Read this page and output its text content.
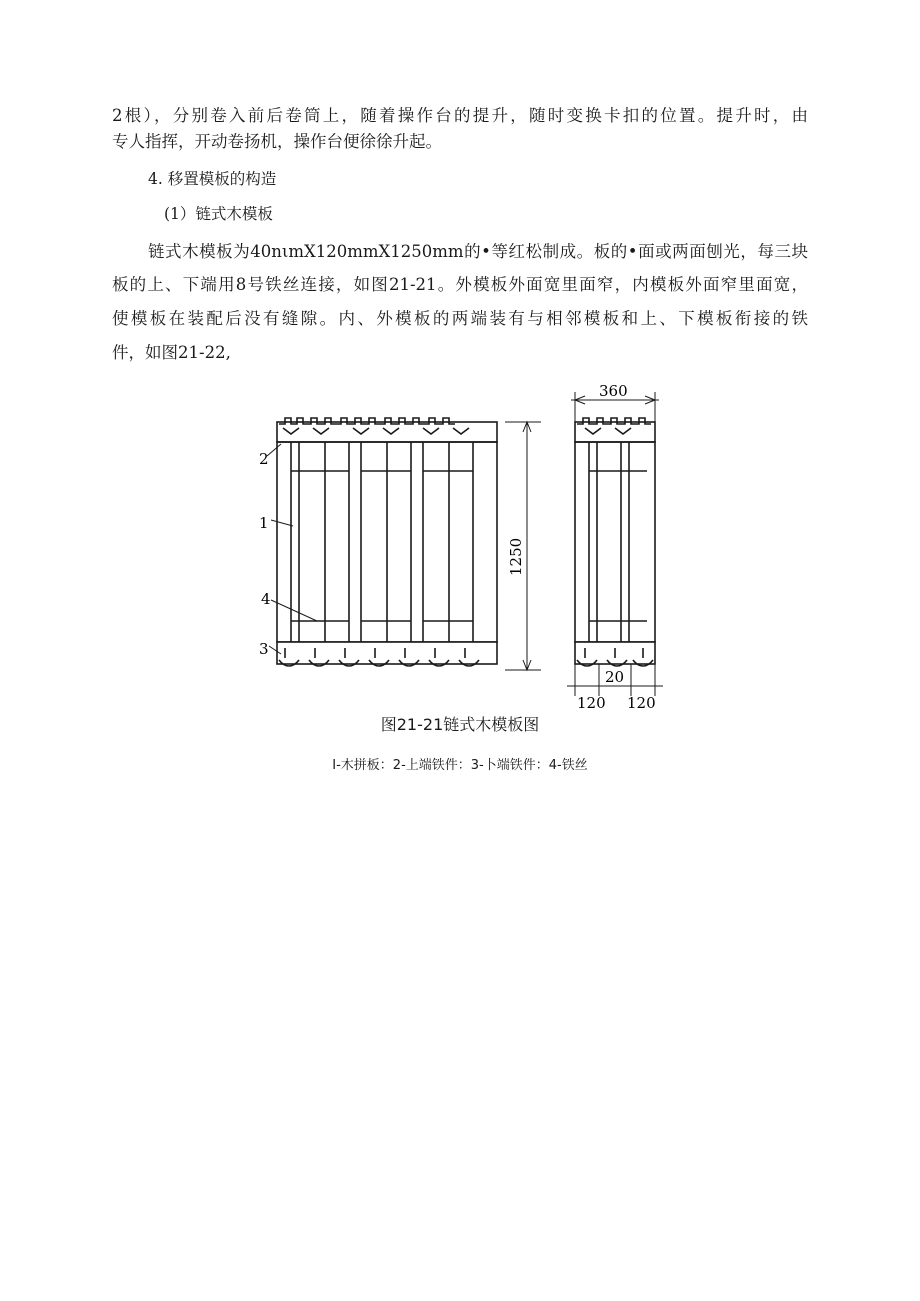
2根），分别卷入前后卷筒上，随着操作台的提升，随时变换卡扣的位置。提升时，由
专人指挥，开动卷扬机，操作台便徐徐升起。
4. 移置模板的构造
(1）链式木模板
链式木模板为40nιmX120mmX1250mm的•等红松制成。板的•面或两面刨光，每三块
板的上、下端用8号铁丝连接，如图21-21。外模板外面宽里面窄，内模板外面窄里面宽，
使模板在装配后没有缝隙。内、外模板的两端装有与相邻模板和上、下模板衔接的铁
件，如图21-22,
2
1
4
3
1250
360
20
120 120
图21-21链式木模板图
I-木拼板：2-上端铁件：3-卜端铁件：4-铁丝
